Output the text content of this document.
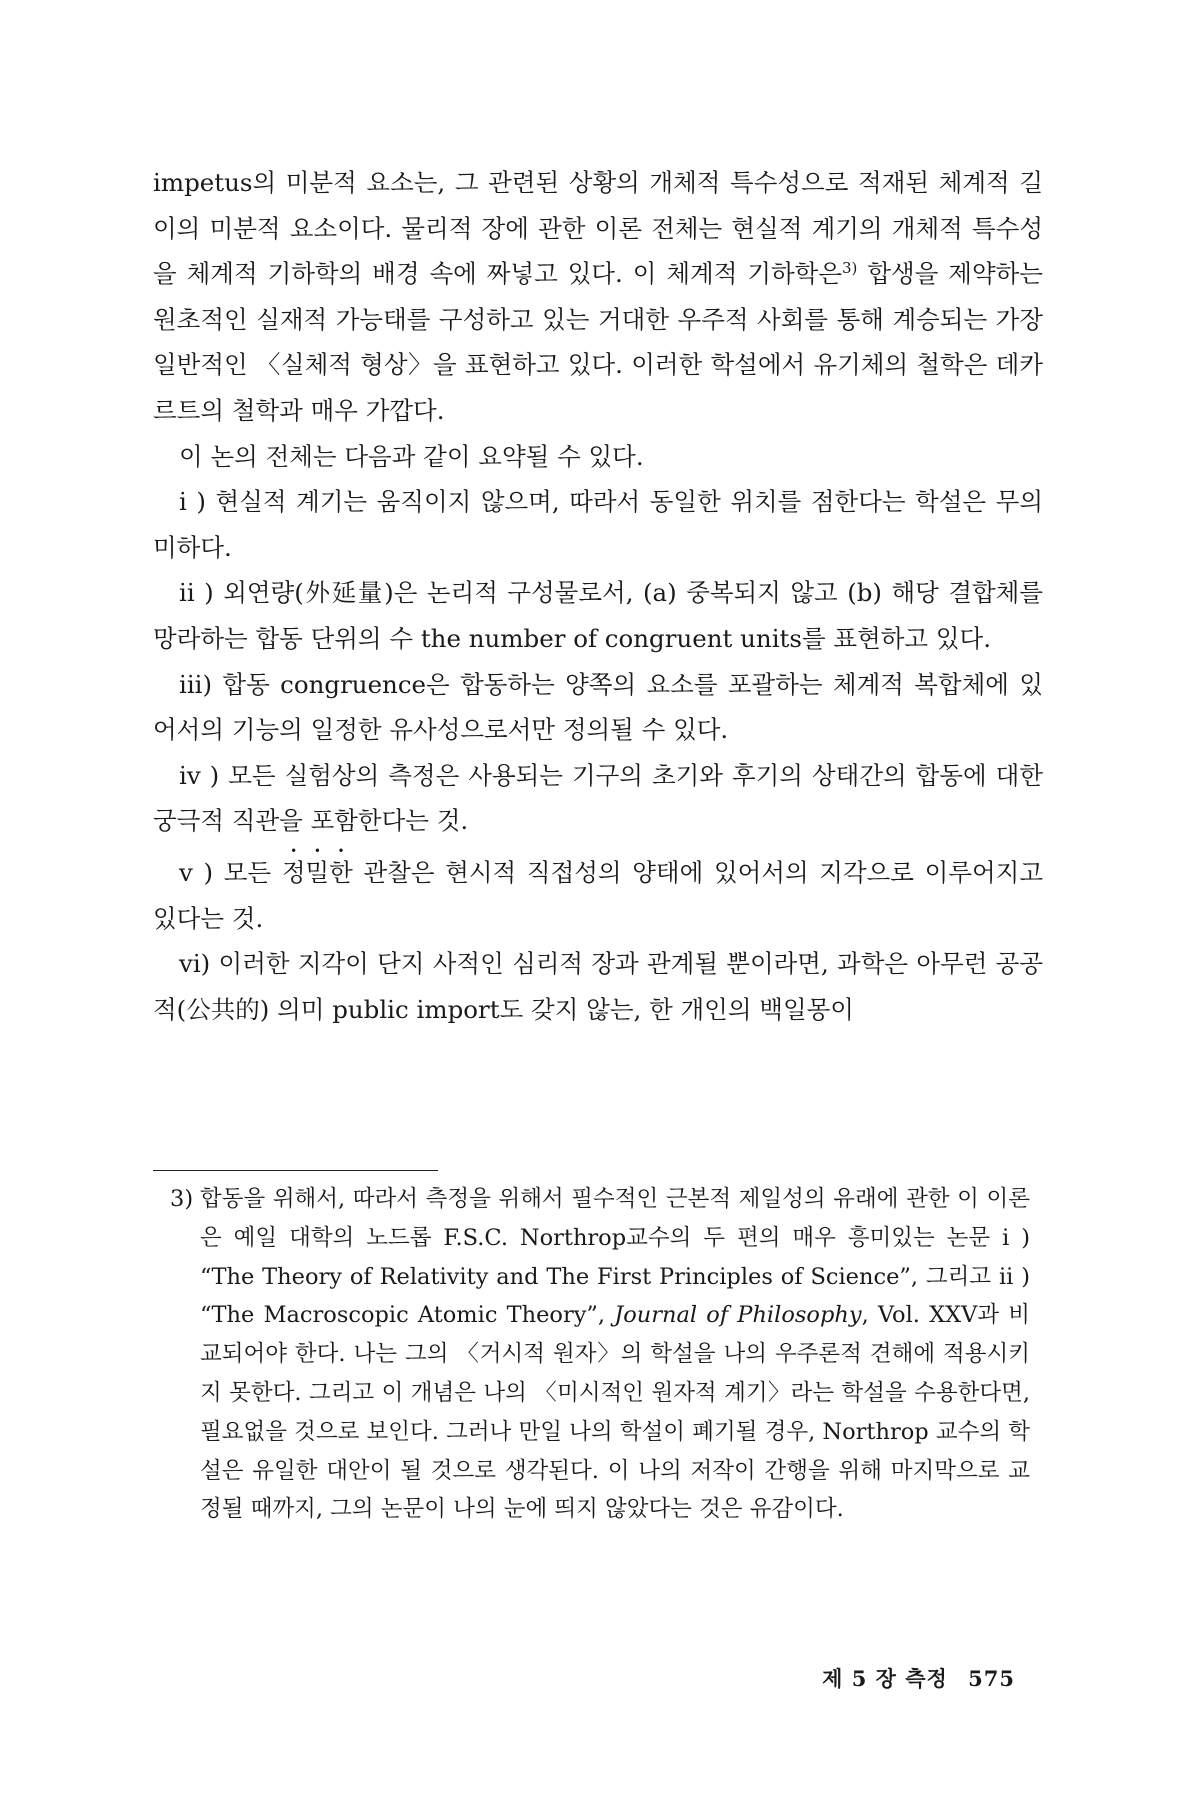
impetus의 미분적 요소는, 그 관련된 상황의 개체적 특수성으로 적재된 체계적 길이의 미분적 요소이다. 물리적 장에 관한 이론 전체는 현실적 계기의 개체적 특수성을 체계적 기하학의 배경 속에 짜넣고 있다. 이 체계적 기하학은$^{3)}$ 합생을 제약하는 원초적인 실재적 가능태를 구성하고 있는 거대한 우주적 사회를 통해 계승되는 가장 일반적인 〈실체적 형상〉을 표현하고 있다. 이러한 학설에서 유기체의 철학은 데카르트의 철학과 매우 가깝다.

이 논의 전체는 다음과 같이 요약될 수 있다.

i ) 현실적 계기는 움직이지 않으며, 따라서 동일한 위치를 점한다는 학설은 무의미하다.

ii ) 외연량(外延量)은 논리적 구성물로서, (a) 중복되지 않고 (b) 해당 결합체를 망라하는 합동 단위의 수 the number of congruent units를 표현하고 있다.

iii) 합동 congruence은 합동하는 양쪽의 요소를 포괄하는 체계적 복합체에 있어서의 기능의 일정한 유사성으로서만 정의될 수 있다.

iv ) 모든 실험상의 측정은 사용되는 기구의 초기와 후기의 상태간의 합동에 대한 궁극적 직관을 포함한다는 것.

v ) 모든 정밀한 관찰은 현시적 직접성의 양태에 있어서의 지각으로 이루어지고 있다는 것.

vi) 이러한 지각이 단지 사적인 심리적 장과 관계될 뿐이라면, 과학은 아무런 공공적(公共的) 의미 public import도 갖지 않는, 한 개인의 백일몽이

3) 합동을 위해서, 따라서 측정을 위해서 필수적인 근본적 제일성의 유래에 관한 이 이론은 예일 대학의 노드롭 F.S.C. Northrop교수의 두 편의 매우 흥미있는 논문 i ) “The Theory of Relativity and The First Principles of Science”, 그리고 ii ) “The Macroscopic Atomic Theory”, Journal of Philosophy, Vol. XXV과 비교되어야 한다. 나는 그의 〈거시적 원자〉의 학설을 나의 우주론적 견해에 적용시키지 못한다. 그리고 이 개념은 나의 〈미시적인 원자적 계기〉라는 학설을 수용한다면, 필요없을 것으로 보인다. 그러나 만일 나의 학설이 폐기될 경우, Northrop 교수의 학설은 유일한 대안이 될 것으로 생각된다. 이 나의 저작이 간행을 위해 마지막으로 교정될 때까지, 그의 논문이 나의 눈에 띄지 않았다는 것은 유감이다.
제 5 장 측정 575
